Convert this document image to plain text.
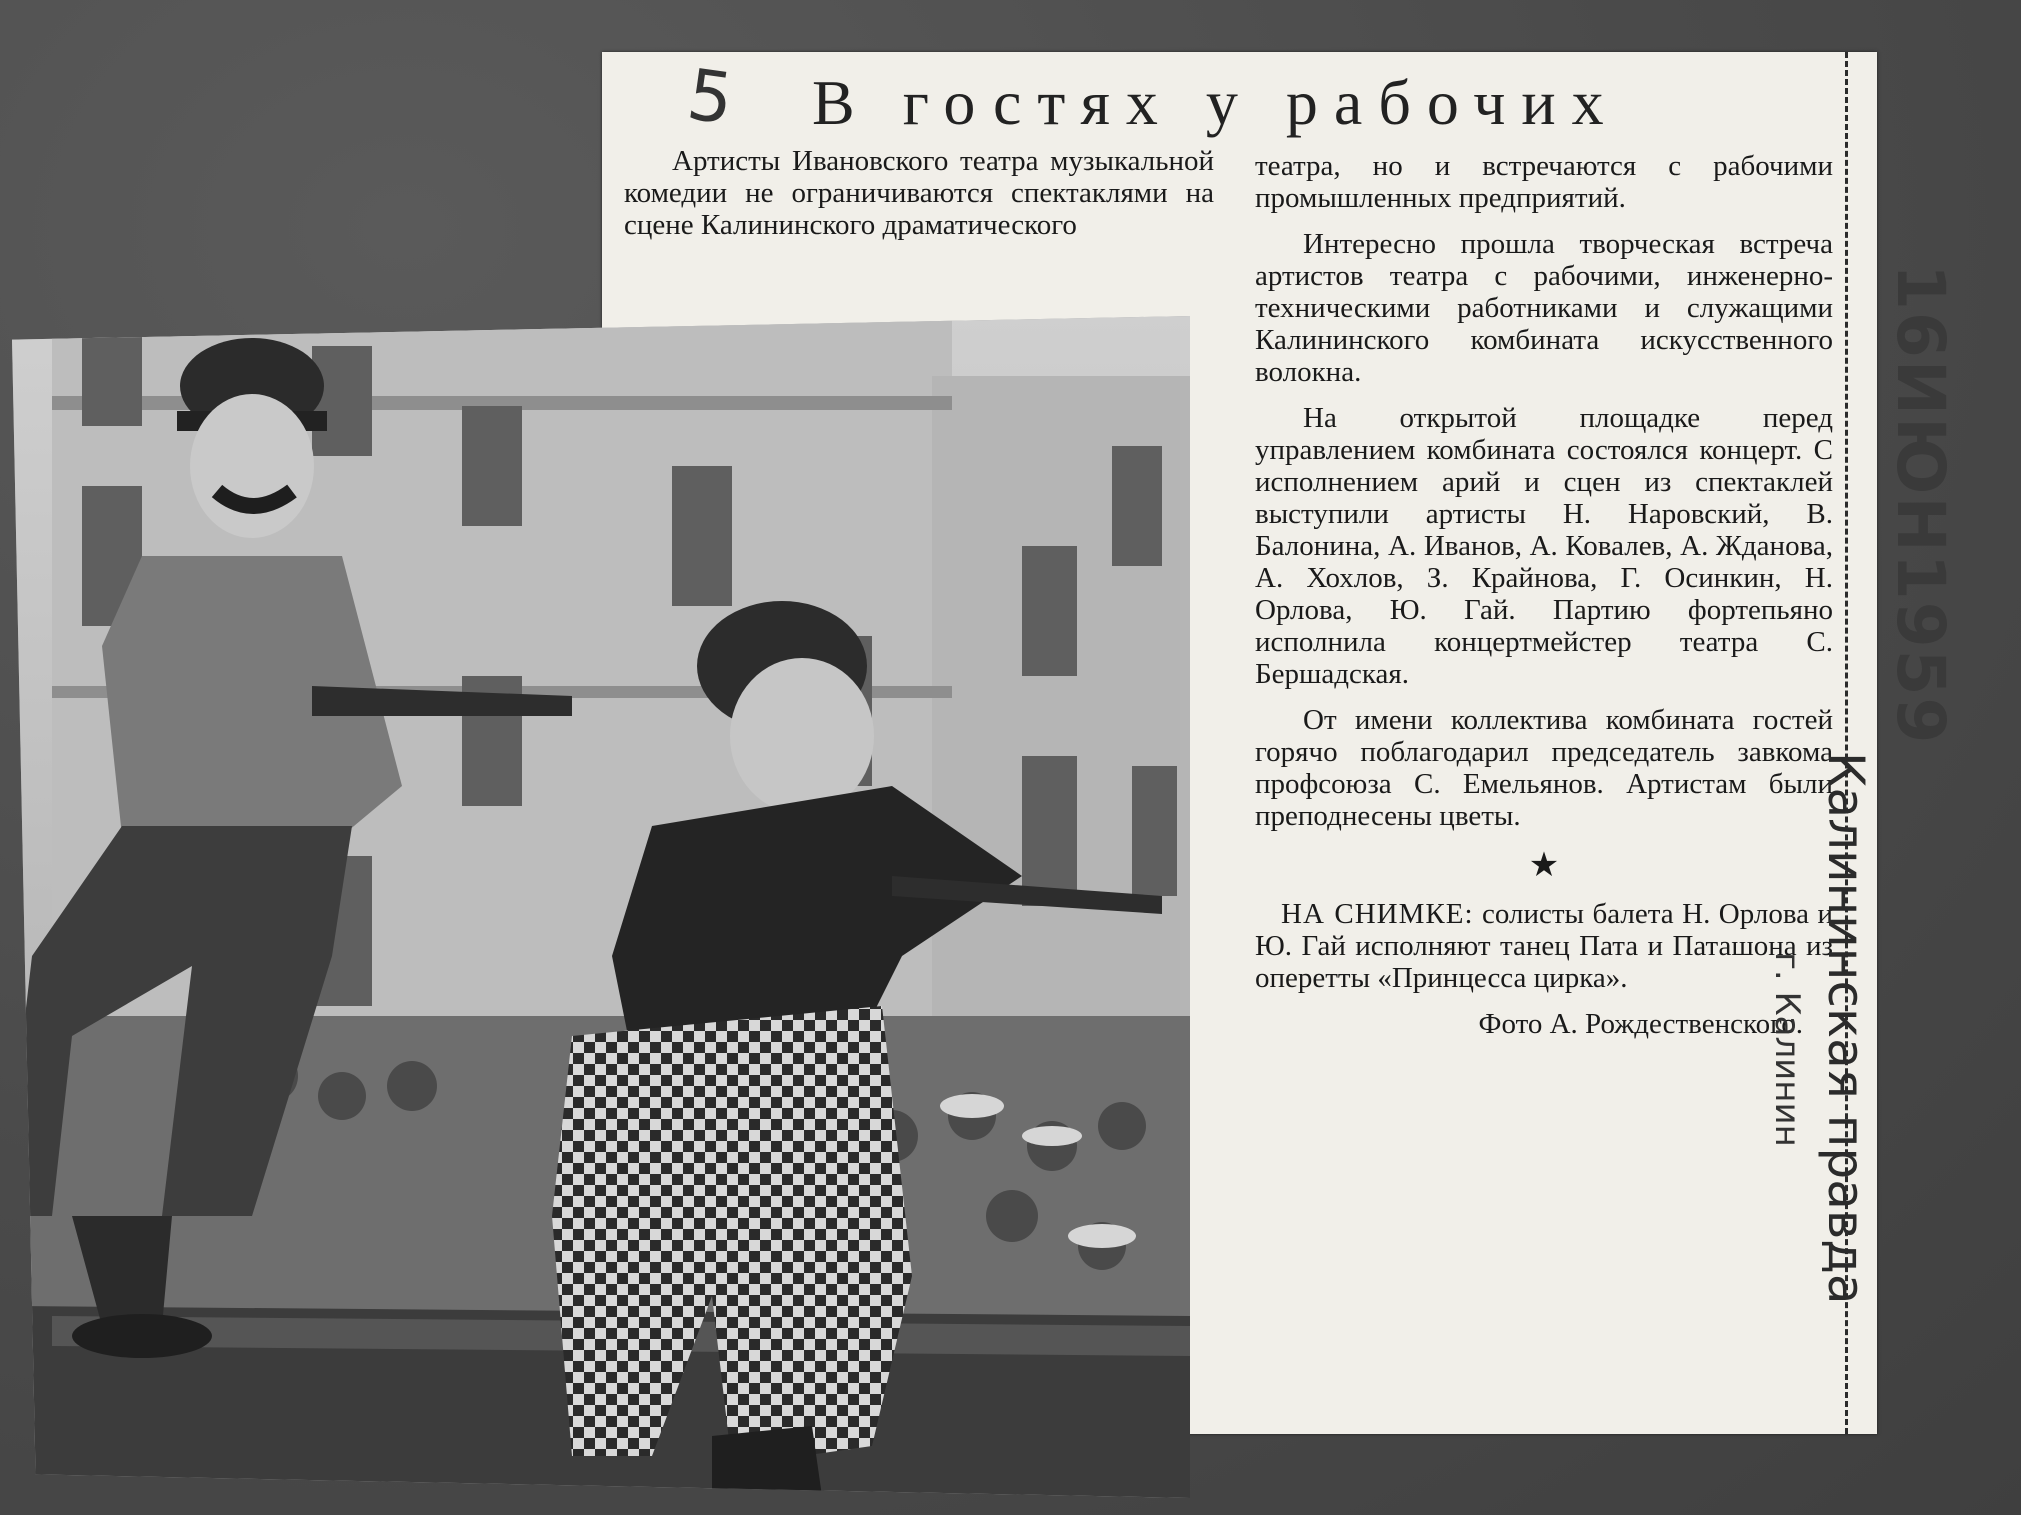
5 В гостях у рабочих

Артисты Ивановского театра музыкальной комедии не ограничиваются спектаклями на сцене Калининского драматического

театра, но и встречаются с рабочими промышленных предприятий.

Интересно прошла творческая встреча артистов театра с рабочими, инженерно-техническими работниками и служащими Калининского комбината искусственного волокна.

На открытой площадке перед управлением комбината состоялся концерт. С исполнением арий и сцен из спектаклей выступили артисты Н. Наровский, В. Балонина, А. Иванов, А. Ковалев, А. Жданова, А. Хохлов, З. Крайнова, Г. Осинкин, Н. Орлова, Ю. Гай. Партию фортепьяно исполнила концертмейстер театра С. Бершадская.

От имени коллектива комбината гостей горячо поблагодарил председатель завкома профсоюза С. Емельянов. Артистам были преподнесены цветы.

★

НА СНИМКЕ: солисты балета Н. Орлова и Ю. Гай исполняют танец Пата и Паташона из оперетты «Принцесса цирка».

Фото А. Рождественского.

16ИЮН1959
Калининская правда
г. Калинин
